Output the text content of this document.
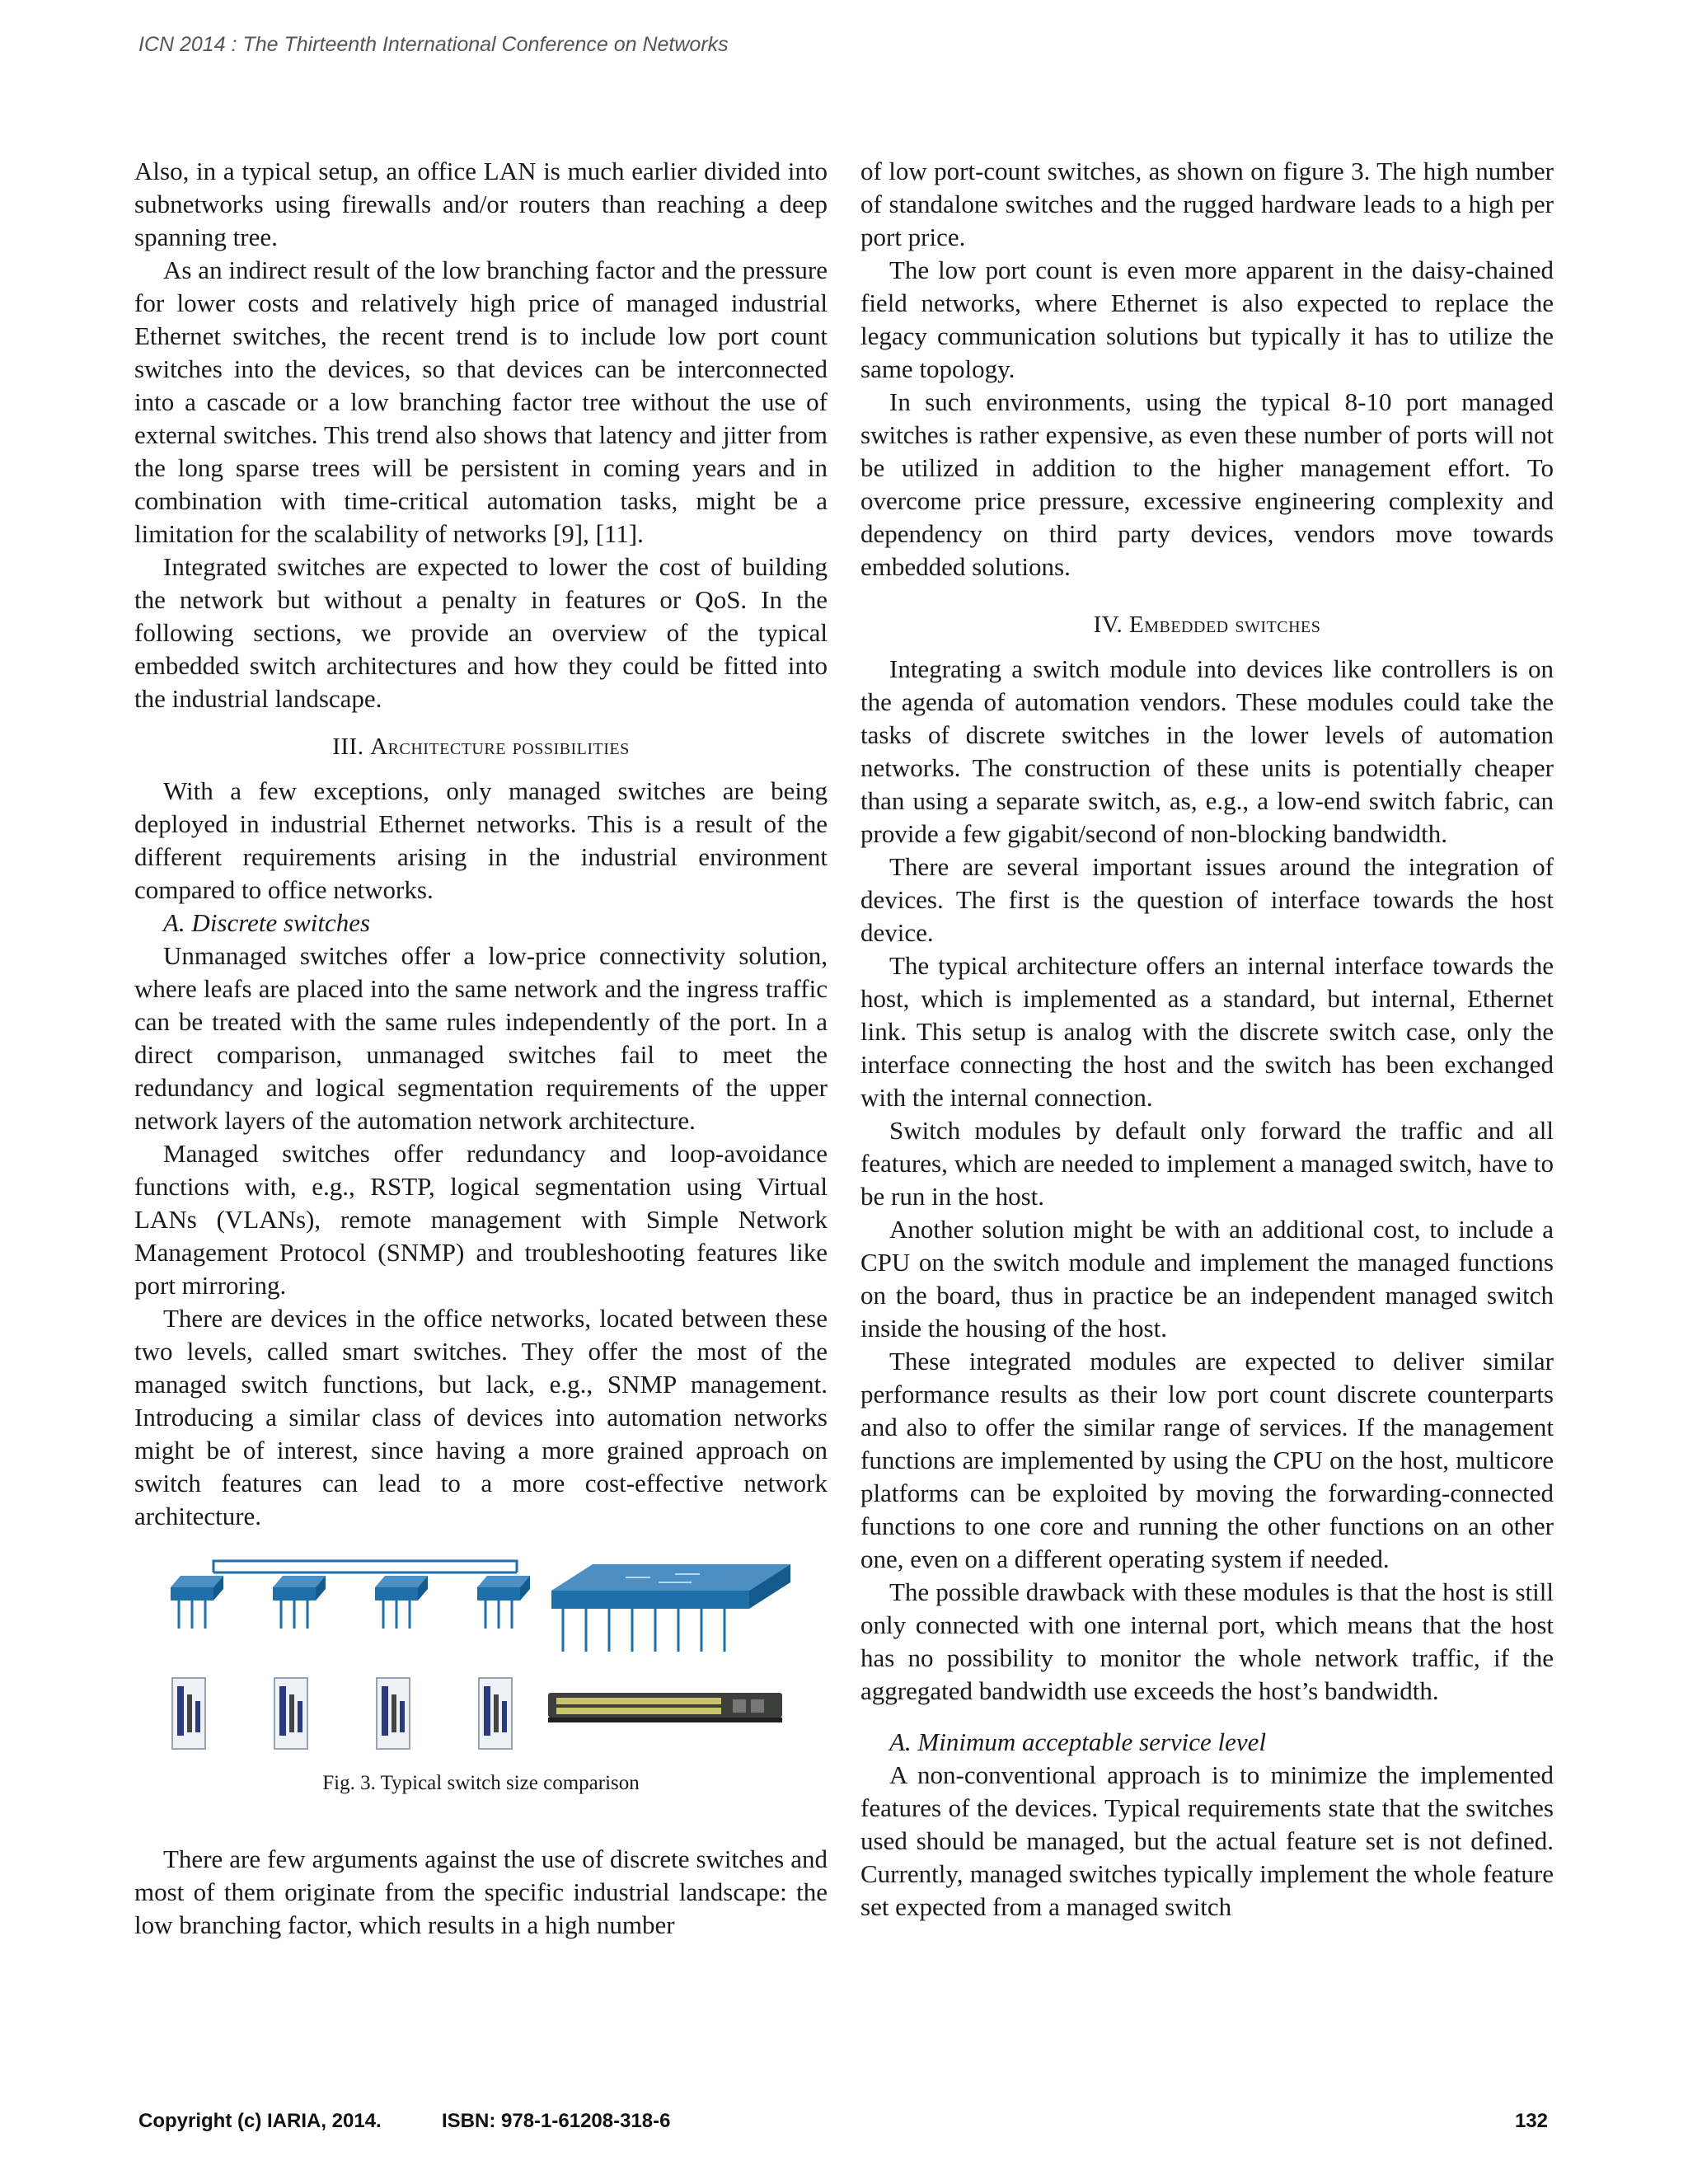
ICN 2014 : The Thirteenth International Conference on Networks

Also, in a typical setup, an office LAN is much earlier divided into subnetworks using firewalls and/or routers than reaching a deep spanning tree.

As an indirect result of the low branching factor and the pressure for lower costs and relatively high price of managed industrial Ethernet switches, the recent trend is to include low port count switches into the devices, so that devices can be interconnected into a cascade or a low branching factor tree without the use of external switches. This trend also shows that latency and jitter from the long sparse trees will be persistent in coming years and in combination with time-critical automation tasks, might be a limitation for the scalability of networks [9], [11].

Integrated switches are expected to lower the cost of building the network but without a penalty in features or QoS. In the following sections, we provide an overview of the typical embedded switch architectures and how they could be fitted into the industrial landscape.

III. Architecture possibilities

With a few exceptions, only managed switches are being deployed in industrial Ethernet networks. This is a result of the different requirements arising in the industrial environment compared to office networks.

A. Discrete switches

Unmanaged switches offer a low-price connectivity solution, where leafs are placed into the same network and the ingress traffic can be treated with the same rules independently of the port. In a direct comparison, unmanaged switches fail to meet the redundancy and logical segmentation requirements of the upper network layers of the automation network architecture.

Managed switches offer redundancy and loop-avoidance functions with, e.g., RSTP, logical segmentation using Virtual LANs (VLANs), remote management with Simple Network Management Protocol (SNMP) and troubleshooting features like port mirroring.

There are devices in the office networks, located between these two levels, called smart switches. They offer the most of the managed switch functions, but lack, e.g., SNMP management. Introducing a similar class of devices into automation networks might be of interest, since having a more grained approach on switch features can lead to a more cost-effective network architecture.

Fig. 3. Typical switch size comparison

There are few arguments against the use of discrete switches and most of them originate from the specific industrial landscape: the low branching factor, which results in a high number

of low port-count switches, as shown on figure 3. The high number of standalone switches and the rugged hardware leads to a high per port price.

The low port count is even more apparent in the daisy-chained field networks, where Ethernet is also expected to replace the legacy communication solutions but typically it has to utilize the same topology.

In such environments, using the typical 8-10 port managed switches is rather expensive, as even these number of ports will not be utilized in addition to the higher management effort. To overcome price pressure, excessive engineering complexity and dependency on third party devices, vendors move towards embedded solutions.

IV. Embedded switches

Integrating a switch module into devices like controllers is on the agenda of automation vendors. These modules could take the tasks of discrete switches in the lower levels of automation networks. The construction of these units is potentially cheaper than using a separate switch, as, e.g., a low-end switch fabric, can provide a few gigabit/second of non-blocking bandwidth.

There are several important issues around the integration of devices. The first is the question of interface towards the host device.

The typical architecture offers an internal interface towards the host, which is implemented as a standard, but internal, Ethernet link. This setup is analog with the discrete switch case, only the interface connecting the host and the switch has been exchanged with the internal connection.

Switch modules by default only forward the traffic and all features, which are needed to implement a managed switch, have to be run in the host.

Another solution might be with an additional cost, to include a CPU on the switch module and implement the managed functions on the board, thus in practice be an independent managed switch inside the housing of the host.

These integrated modules are expected to deliver similar performance results as their low port count discrete counterparts and also to offer the similar range of services. If the management functions are implemented by using the CPU on the host, multicore platforms can be exploited by moving the forwarding-connected functions to one core and running the other functions on an other one, even on a different operating system if needed.

The possible drawback with these modules is that the host is still only connected with one internal port, which means that the host has no possibility to monitor the whole network traffic, if the aggregated bandwidth use exceeds the host’s bandwidth.

A. Minimum acceptable service level

A non-conventional approach is to minimize the implemented features of the devices. Typical requirements state that the switches used should be managed, but the actual feature set is not defined. Currently, managed switches typically implement the whole feature set expected from a managed switch

Copyright (c) IARIA, 2014.	ISBN: 978-1-61208-318-6	132
